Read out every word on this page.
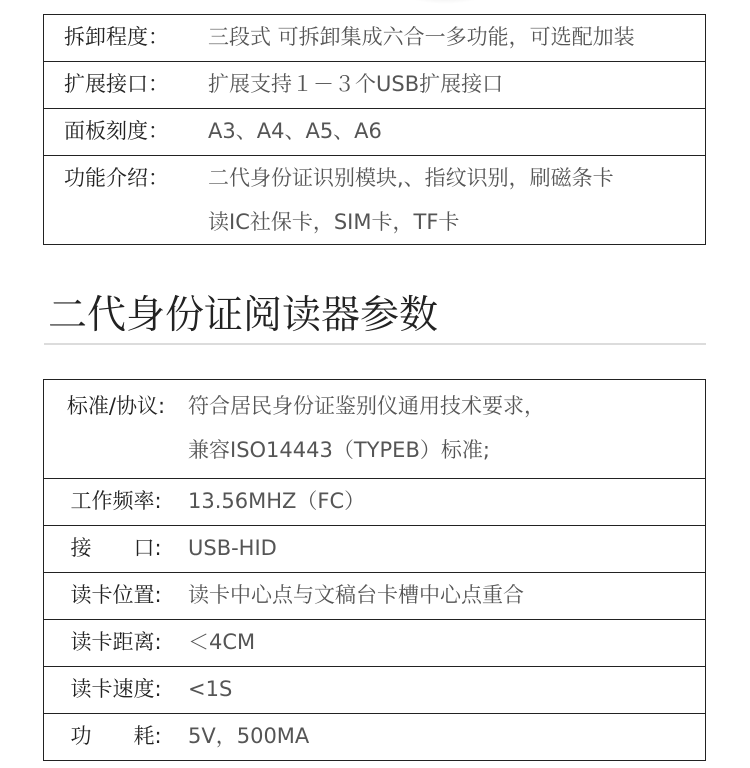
拆卸程度：	三段式 可拆卸集成六合一多功能，可选配加装

扩展接口：	扩展支持１－３个USB扩展接口

面板刻度：	A3、A4、A5、A6

功能介绍：	二代身份证识别模块,、指纹识别，刷磁条卡
读IC社保卡，SIM卡，TF卡
二代身份证阅读器参数
标准/协议:	符合居民身份证鉴别仪通用技术要求，
兼容ISO14443（TYPEB）标准;

工作频率:	13.56MHZ（FC）

接　　口:	USB-HID

读卡位置:	读卡中心点与文稿台卡槽中心点重合

读卡距离:	＜4CM

读卡速度:	<1S

功　　耗:	5V，500MA
